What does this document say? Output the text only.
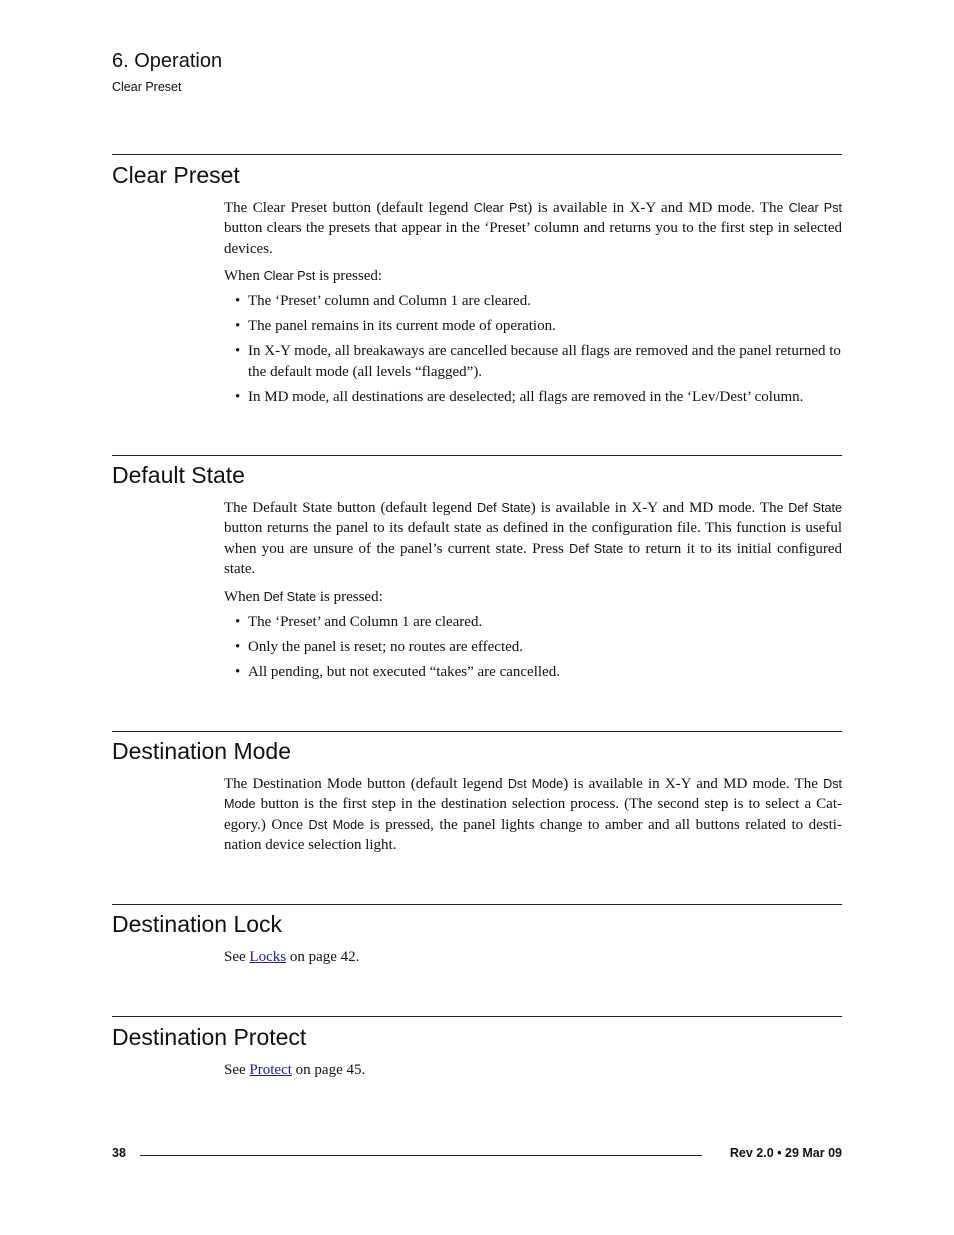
6. Operation
Clear Preset
Clear Preset

The Clear Preset button (default legend Clear Pst) is available in X-Y and MD mode. The Clear Pst button clears the presets that appear in the ‘Preset’ column and returns you to the first step in selected devices.

When Clear Pst is pressed:

• The ‘Preset’ column and Column 1 are cleared.
• The panel remains in its current mode of operation.
• In X-Y mode, all breakaways are cancelled because all flags are removed and the panel returned to the default mode (all levels “flagged”).
• In MD mode, all destinations are deselected; all flags are removed in the ‘Lev/Dest’ column.
Default State

The Default State button (default legend Def State) is available in X-Y and MD mode. The Def State button returns the panel to its default state as defined in the configuration file. This function is useful when you are unsure of the panel’s current state. Press Def State to return it to its initial configured state.

When Def State is pressed:

• The ‘Preset’ and Column 1 are cleared.
• Only the panel is reset; no routes are effected.
• All pending, but not executed “takes” are cancelled.
Destination Mode

The Destination Mode button (default legend Dst Mode) is available in X-Y and MD mode. The Dst Mode button is the first step in the destination selection process. (The second step is to select a Category.) Once Dst Mode is pressed, the panel lights change to amber and all buttons related to destination device selection light.

Destination Lock

See Locks on page 42.

Destination Protect

See Protect on page 45.

38	Rev 2.0 • 29 Mar 09
